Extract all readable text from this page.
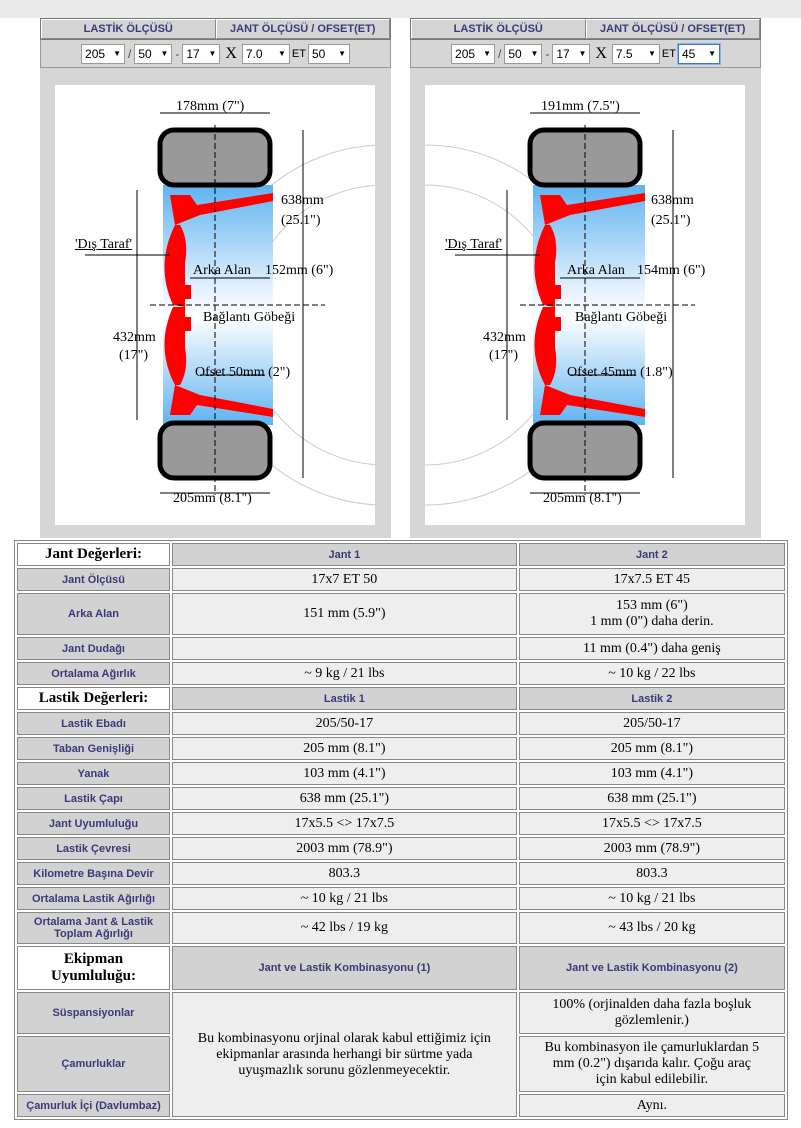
LASTİK ÖLÇÜSÜ	JANT ÖLÇÜSÜ / OFSET(ET)
205 ▼ / 50 ▼ - 17 ▼ X 7.0 ▼ ET 50 ▼
178mm (7")
638mm
(25.1")
'Dış Taraf'
Arka Alan 152mm (6")
Bağlantı Göbeği
432mm
(17")
Ofset 50mm (2")
205mm (8.1")
LASTİK ÖLÇÜSÜ	JANT ÖLÇÜSÜ / OFSET(ET)
205 ▼ / 50 ▼ - 17 ▼ X 7.5 ▼ ET 45 ▼
191mm (7.5")
638mm
(25.1")
'Dış Taraf'
Arka Alan 154mm (6")
Bağlantı Göbeği
432mm
(17")
Ofset 45mm (1.8")
205mm (8.1")
Jant Değerleri:	Jant 1	Jant 2
Jant Ölçüsü	17x7 ET 50	17x7.5 ET 45
Arka Alan	151 mm (5.9")	153 mm (6")
1 mm (0") daha derin.

Jant Dudağı		11 mm (0.4") daha geniş
Ortalama Ağırlık	~ 9 kg / 21 lbs	~ 10 kg / 22 lbs
Lastik Değerleri:	Lastik 1	Lastik 2
Lastik Ebadı	205/50-17	205/50-17
Taban Genişliği	205 mm (8.1")	205 mm (8.1")
Yanak	103 mm (4.1")	103 mm (4.1")
Lastik Çapı	638 mm (25.1")	638 mm (25.1")
Jant Uyumluluğu	17x5.5 <> 17x7.5	17x5.5 <> 17x7.5
Lastik Çevresi	2003 mm (78.9")	2003 mm (78.9")
Kilometre Başına Devir	803.3	803.3
Ortalama Lastik Ağırlığı	~ 10 kg / 21 lbs	~ 10 kg / 21 lbs
Ortalama Jant & Lastik Toplam Ağırlığı	~ 42 lbs / 19 kg	~ 43 lbs / 20 kg
Ekipman Uyumluluğu:	Jant ve Lastik Kombinasyonu (1)	Jant ve Lastik Kombinasyonu (2)
Süspansiyonlar	Bu kombinasyonu orjinal olarak kabul ettiğimiz için ekipmanlar arasında herhangi bir sürtme yada uyuşmazlık sorunu gözlenmeyecektir.	100% (orjinalden daha fazla boşluk gözlemlenir.)
Çamurluklar		Bu kombinasyon ile çamurluklardan 5 mm (0.2") dışarıda kalır. Çoğu araç için kabul edilebilir.
Çamurluk İçi (Davlumbaz)		Aynı.
